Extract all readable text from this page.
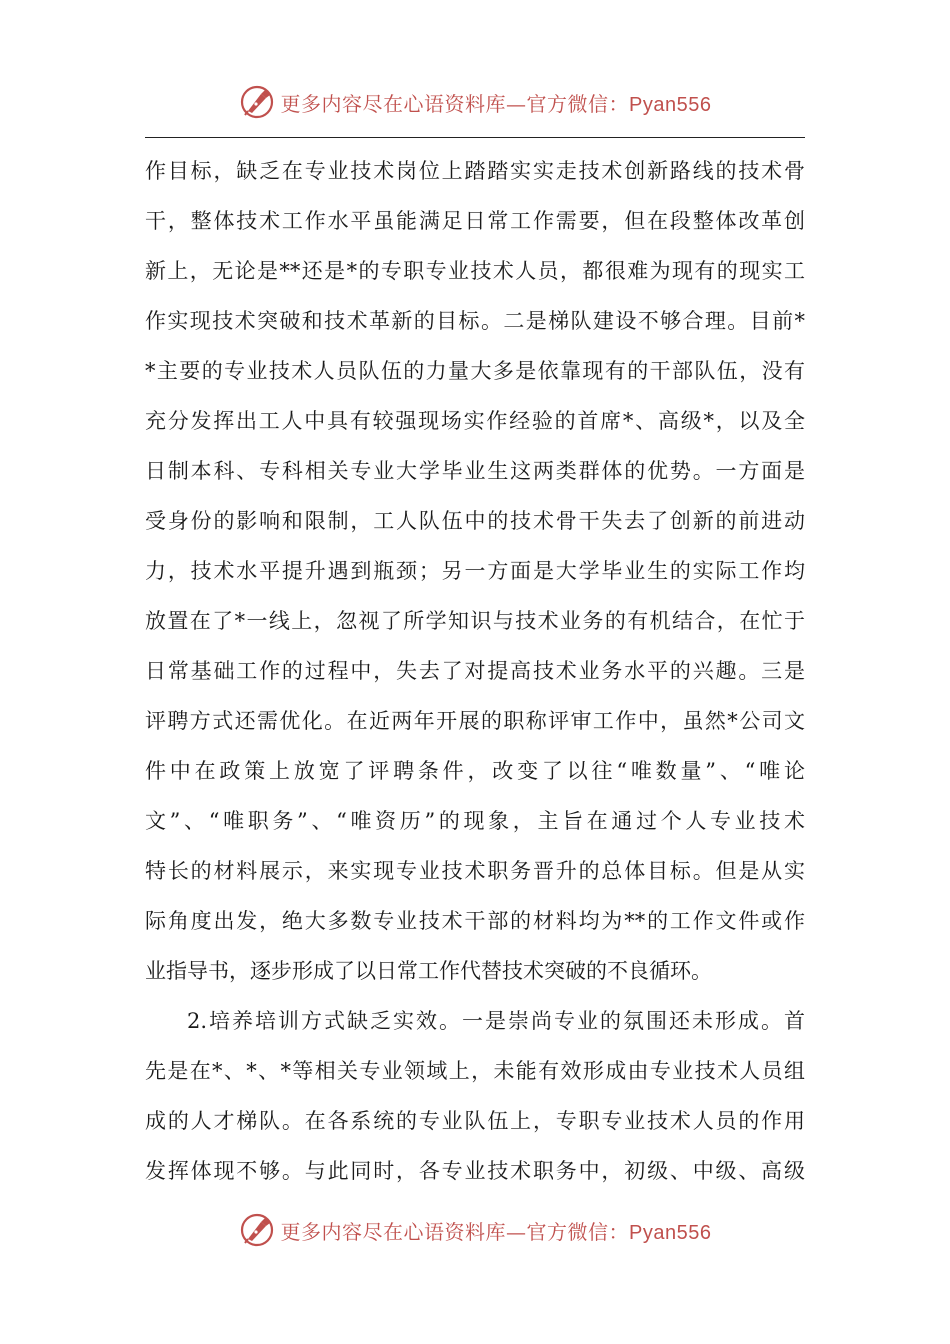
更多内容尽在心语资料库—官方微信：Pyan556
作目标，缺乏在专业技术岗位上踏踏实实走技术创新路线的技术骨
干，整体技术工作水平虽能满足日常工作需要，但在段整体改革创
新上，无论是**还是*的专职专业技术人员，都很难为现有的现实工
作实现技术突破和技术革新的目标。二是梯队建设不够合理。目前*
*主要的专业技术人员队伍的力量大多是依靠现有的干部队伍，没有
充分发挥出工人中具有较强现场实作经验的首席*、高级*，以及全
日制本科、专科相关专业大学毕业生这两类群体的优势。一方面是
受身份的影响和限制，工人队伍中的技术骨干失去了创新的前进动
力，技术水平提升遇到瓶颈；另一方面是大学毕业生的实际工作均
放置在了*一线上，忽视了所学知识与技术业务的有机结合，在忙于
日常基础工作的过程中，失去了对提高技术业务水平的兴趣。三是
评聘方式还需优化。在近两年开展的职称评审工作中，虽然*公司文
件中在政策上放宽了评聘条件，改变了以往“唯数量”、“唯论
文”、“唯职务”、“唯资历”的现象，主旨在通过个人专业技术
特长的材料展示，来实现专业技术职务晋升的总体目标。但是从实
际角度出发，绝大多数专业技术干部的材料均为**的工作文件或作
业指导书，逐步形成了以日常工作代替技术突破的不良循环。
2.培养培训方式缺乏实效。一是崇尚专业的氛围还未形成。首
先是在*、*、*等相关专业领域上，未能有效形成由专业技术人员组
成的人才梯队。在各系统的专业队伍上，专职专业技术人员的作用
发挥体现不够。与此同时，各专业技术职务中，初级、中级、高级
更多内容尽在心语资料库—官方微信：Pyan556
